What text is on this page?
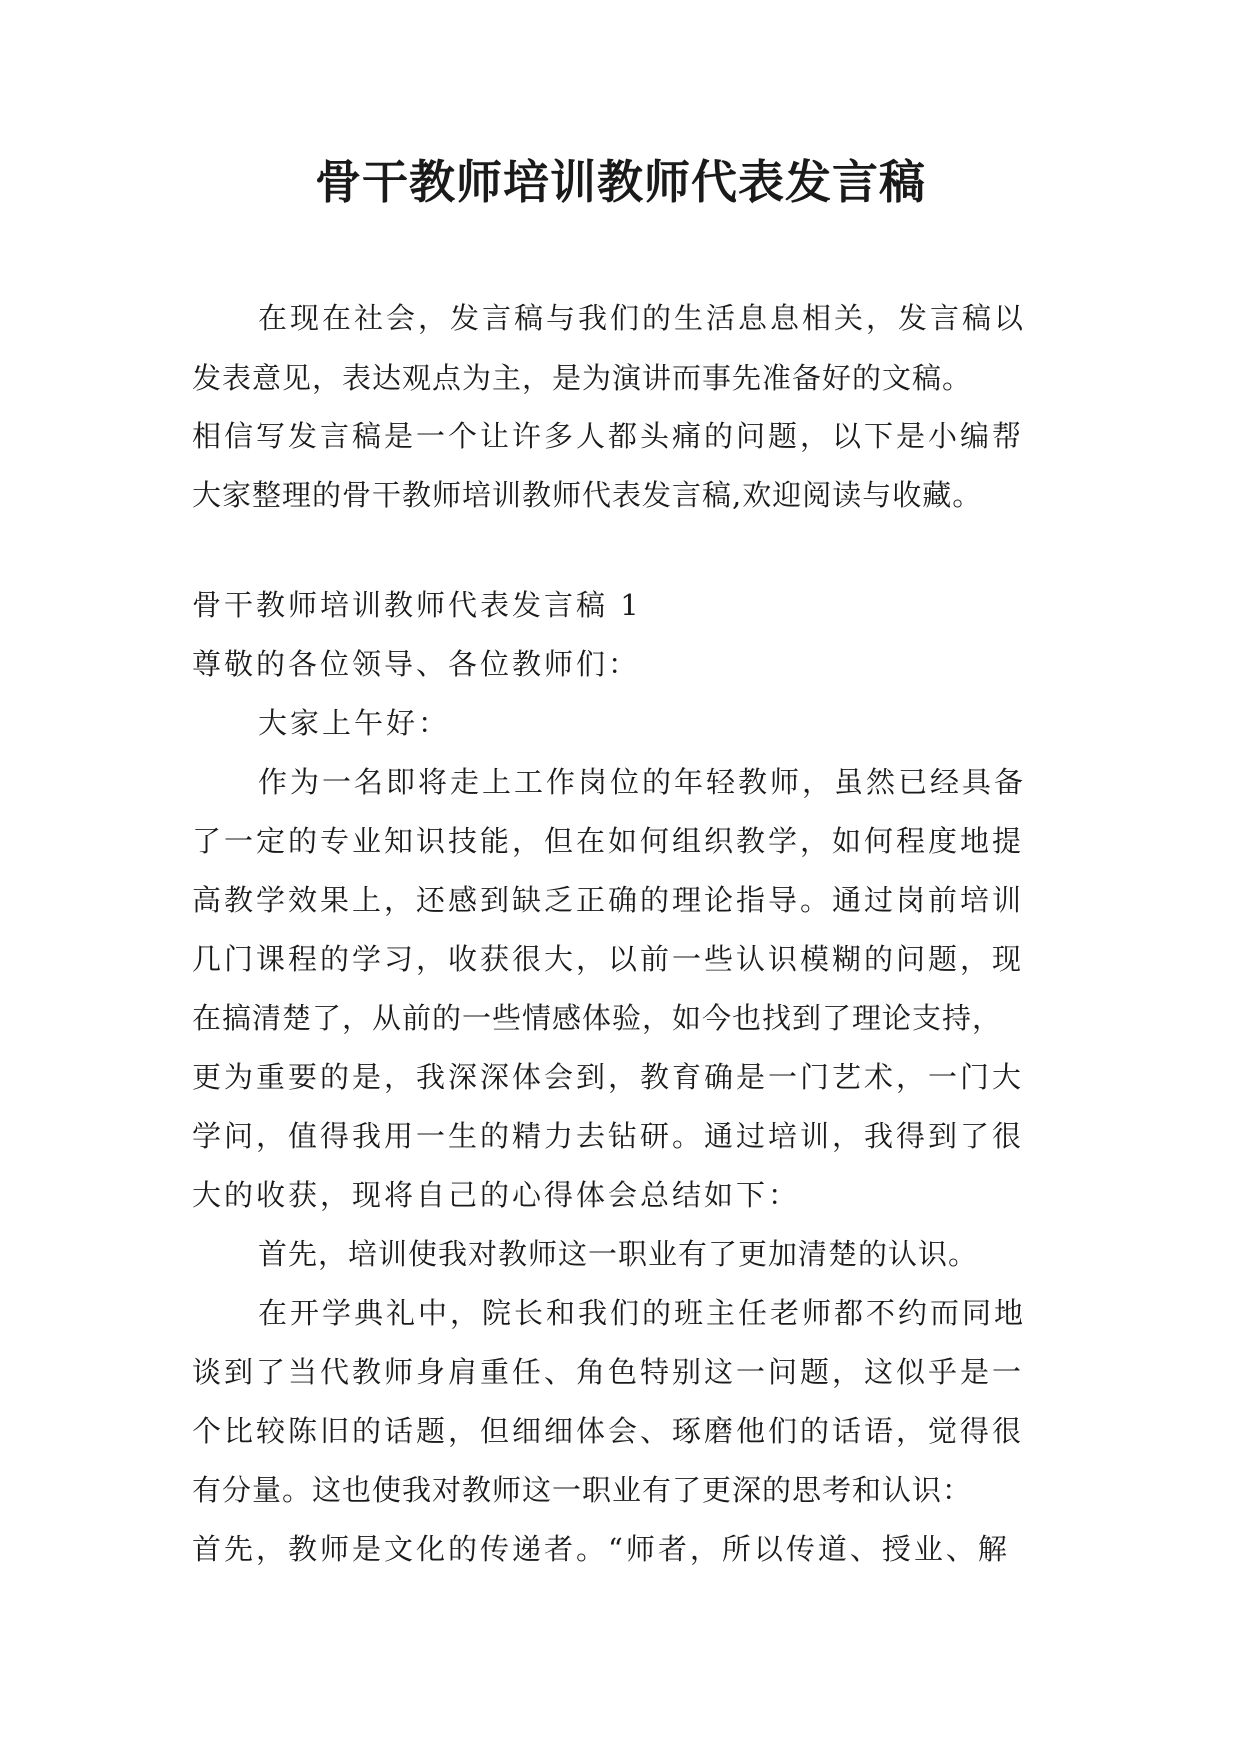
骨干教师培训教师代表发言稿
在现在社会，发言稿与我们的生活息息相关，发言稿以
发表意见，表达观点为主，是为演讲而事先准备好的文稿。
相信写发言稿是一个让许多人都头痛的问题，以下是小编帮
大家整理的骨干教师培训教师代表发言稿,欢迎阅读与收藏。
骨干教师培训教师代表发言稿 1
尊敬的各位领导、各位教师们：
大家上午好：
作为一名即将走上工作岗位的年轻教师，虽然已经具备
了一定的专业知识技能，但在如何组织教学，如何程度地提
高教学效果上，还感到缺乏正确的理论指导。通过岗前培训
几门课程的学习，收获很大，以前一些认识模糊的问题，现
在搞清楚了，从前的一些情感体验，如今也找到了理论支持，
更为重要的是，我深深体会到，教育确是一门艺术，一门大
学问，值得我用一生的精力去钻研。通过培训，我得到了很
大的收获，现将自己的心得体会总结如下：
首先，培训使我对教师这一职业有了更加清楚的认识。
在开学典礼中，院长和我们的班主任老师都不约而同地
谈到了当代教师身肩重任、角色特别这一问题，这似乎是一
个比较陈旧的话题，但细细体会、琢磨他们的话语，觉得很
有分量。这也使我对教师这一职业有了更深的思考和认识：
首先，教师是文化的传递者。“师者，所以传道、授业、解
